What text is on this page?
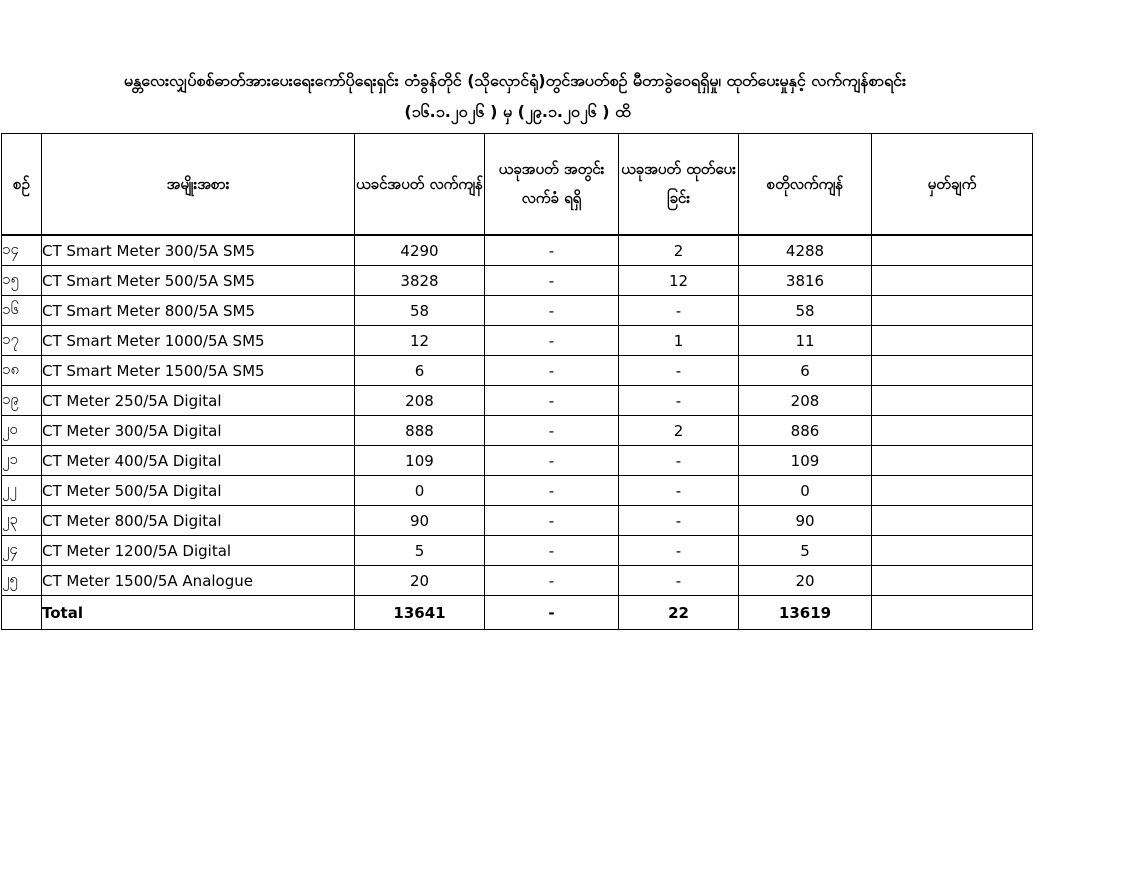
မန္တလေးလျှပ်စစ်ဓာတ်အားပေးရေးကော်ပိုရေးရှင်း တံခွန်တိုင် (သိုလှောင်ရုံ)တွင်အပတ်စဉ် မီတာခွဲဝေရရှိမှု၊ ထုတ်ပေးမှုနှင့် လက်ကျန်စာရင်း
(၁၆.၁.၂၀၂၆ ) မှ (၂၉.၁.၂၀၂၆ ) ထိ
စဉ်	အမျိုးအစား	ယခင်အပတ် လက်ကျန်	ယခုအပတ် အတွင်းလက်ခံ ရရှိ	ယခုအပတ် ထုတ်ပေးခြင်း	စတိုလက်ကျန်	မှတ်ချက်
၁၄	CT Smart Meter 300/5A SM5	4290	-	2	4288	
၁၅	CT Smart Meter 500/5A SM5	3828	-	12	3816	
၁၆	CT Smart Meter 800/5A SM5	58	-	-	58	
၁၇	CT Smart Meter 1000/5A SM5	12	-	1	11	
၁၈	CT Smart Meter 1500/5A SM5	6	-	-	6	
၁၉	CT Meter 250/5A Digital	208	-	-	208	
၂၀	CT Meter 300/5A Digital	888	-	2	886	
၂၁	CT Meter 400/5A Digital	109	-	-	109	
၂၂	CT Meter 500/5A Digital	0	-	-	0	
၂၃	CT Meter 800/5A Digital	90	-	-	90	
၂၄	CT Meter 1200/5A Digital	5	-	-	5	
၂၅	CT Meter 1500/5A Analogue	20	-	-	20	
	Total	13641	-	22	13619	
